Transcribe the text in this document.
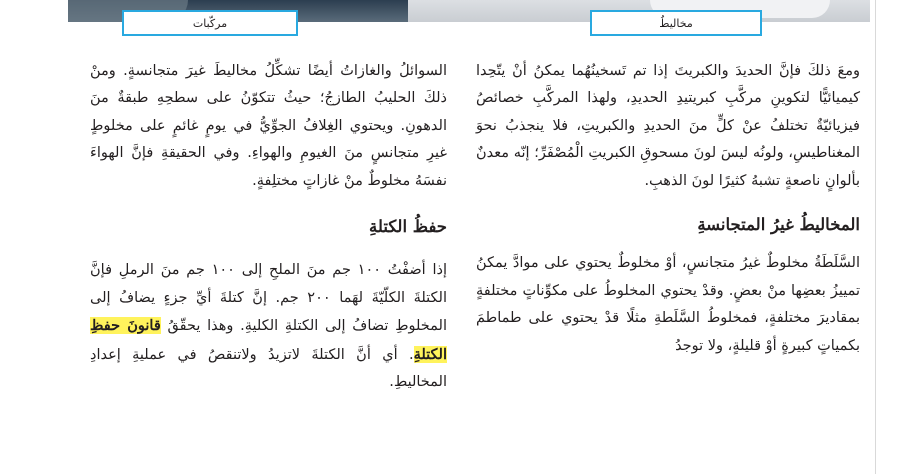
مركّبات	مخاليطُ

ومعَ ذلكَ فإنَّ الحديدَ والكبريتَ إذا تم تَسخينُهُما يمكنُ أنْ يتّحِدا كيميائيًّا لتكوينِ مركَّبِ كبريتيدِ الحديدِ، ولهذا المركَّبِ خصائصُ فيزيائيّةٌ تختلفُ عنْ كلٍّ منَ الحديدِ والكبريتِ، فلا ينجذبُ نحوَ المغناطيسِ، ولونُه ليسَ لونَ مسحوقِ الكبريتِ الْمُصْفَرِّ؛ إنّه معدنٌ بألوانٍ ناصعةٍ تشبهُ كثيرًا لونَ الذهبِ.

المخاليطُ غيرُ المتجانسةِ

السَّلَطَةُ مخلوطٌ غيرُ متجانسٍ، أوْ مخلوطٌ يحتوي على موادَّ يمكنُ تمييزُ بعضِها منْ بعضٍ. وقدْ يحتوي المخلوطُ على مكوِّناتٍ مختلفةٍ بمقاديرَ مختلفةٍ، فمخلوطُ السَّلَطةِ مثلًا قدْ يحتوي على طماطمَ بكمياتٍ كبيرةٍ أوْ قليلةٍ، ولا توجدُ

السوائلُ والغازاتُ أيضًا تشكِّلُ مخاليطَ غيرَ متجانسةٍ. ومنْ ذلكَ الحليبُ الطازجُ؛ حيثُ تتكوّنُ على سطحِهِ طبقةٌ منَ الدهونِ. ويحتوي الغِلافُ الجوِّيُّ في يومٍ غائمٍ على مخلوطٍ غيرِ متجانسٍ منَ الغيومِ والهواءِ. وفي الحقيقةِ فإنَّ الهواءَ نفسَهُ مخلوطٌ منْ غازاتٍ مختلِفةٍ.

حفظُ الكتلةِ

إذا أضفْتُ ١٠٠ جم منَ الملحِ إلى ١٠٠ جم منَ الرملِ فإنَّ الكتلةَ الكلّيّةَ لهَما ٢٠٠ جم. إنَّ كتلةَ أيِّ جزءٍ يضافُ إلى المخلوطِ تضافُ إلى الكتلةِ الكليةِ. وهذا يحقّقُ قانونَ حفظِ الكتلةِ. أي أنَّ الكتلةَ لاتزيدُ ولاتنقصُ في عمليةِ إعدادِ المخاليطِ.
